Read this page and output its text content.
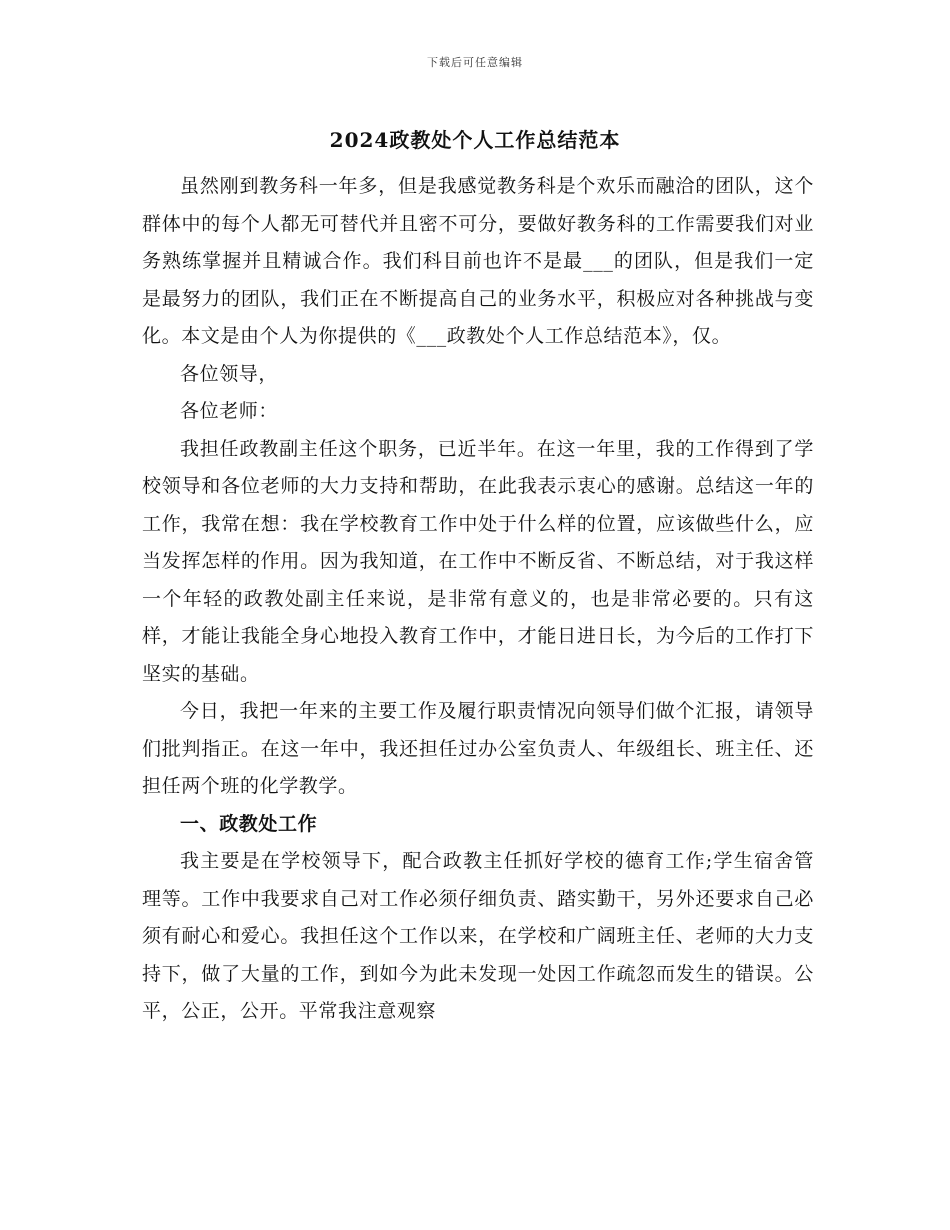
下载后可任意编辑
2024政教处个人工作总结范本

虽然刚到教务科一年多，但是我感觉教务科是个欢乐而融洽的团队，这个群体中的每个人都无可替代并且密不可分，要做好教务科的工作需要我们对业务熟练掌握并且精诚合作。我们科目前也许不是最___的团队，但是我们一定是最努力的团队，我们正在不断提高自己的业务水平，积极应对各种挑战与变化。本文是由个人为你提供的《___政教处个人工作总结范本》，仅。

各位领导，

各位老师：

我担任政教副主任这个职务，已近半年。在这一年里，我的工作得到了学校领导和各位老师的大力支持和帮助，在此我表示衷心的感谢。总结这一年的工作，我常在想：我在学校教育工作中处于什么样的位置，应该做些什么，应当发挥怎样的作用。因为我知道，在工作中不断反省、不断总结，对于我这样一个年轻的政教处副主任来说，是非常有意义的，也是非常必要的。只有这样，才能让我能全身心地投入教育工作中，才能日进日长，为今后的工作打下坚实的基础。

今日，我把一年来的主要工作及履行职责情况向领导们做个汇报，请领导们批判指正。在这一年中，我还担任过办公室负责人、年级组长、班主任、还担任两个班的化学教学。

一、政教处工作

我主要是在学校领导下，配合政教主任抓好学校的德育工作;学生宿舍管理等。工作中我要求自己对工作必须仔细负责、踏实勤干，另外还要求自己必须有耐心和爱心。我担任这个工作以来，在学校和广阔班主任、老师的大力支持下，做了大量的工作，到如今为此未发现一处因工作疏忽而发生的错误。公平，公正，公开。平常我注意观察
